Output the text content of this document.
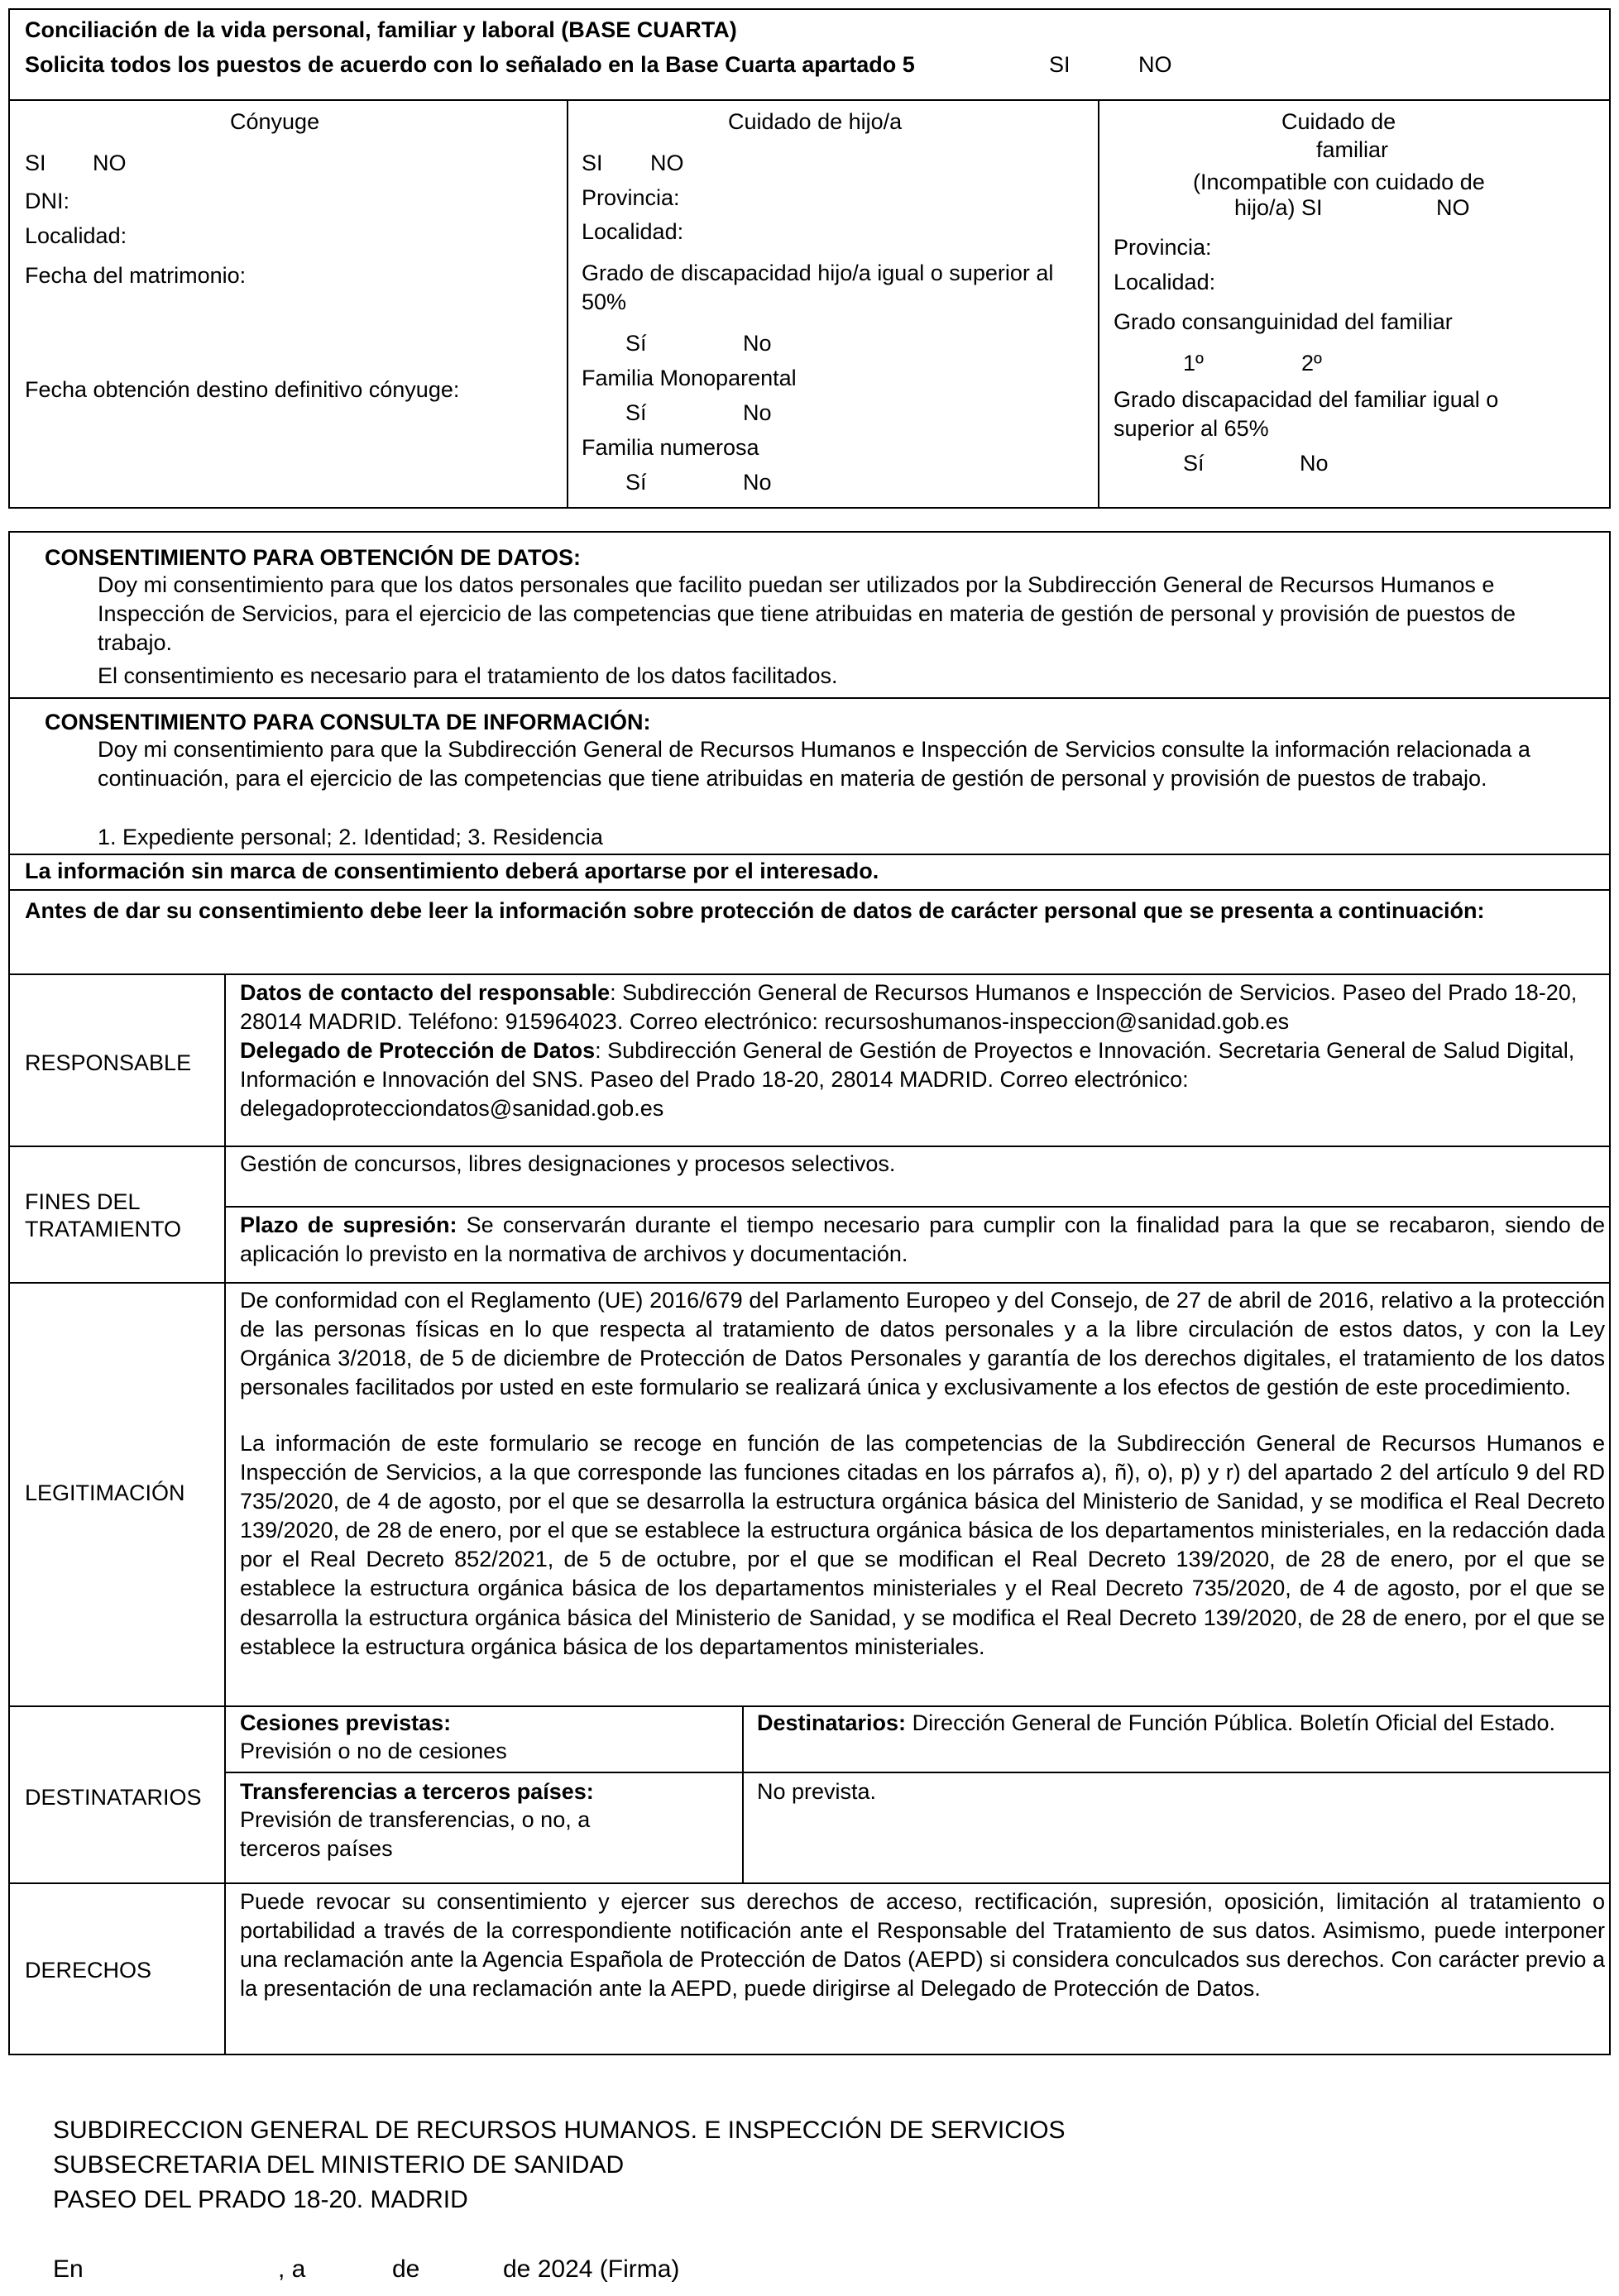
Conciliación de la vida personal, familiar y laboral (BASE CUARTA)
Solicita todos los puestos de acuerdo con lo señalado en la Base Cuarta apartado 5	SI	NO
Cónyuge
SI NO
DNI:
Localidad:
Fecha del matrimonio:
Fecha obtención destino definitivo cónyuge:
Cuidado de hijo/a
SI NO
Provincia:
Localidad:
Grado de discapacidad hijo/a igual o superior al 50%
Sí	No
Familia Monoparental
Sí	No
Familia numerosa
Sí	No
Cuidado de
familiar
(Incompatible con cuidado de
hijo/a) SI	NO
Provincia:
Localidad:
Grado consanguinidad del familiar
1º	2º
Grado discapacidad del familiar igual o superior al 65%
Sí	No
CONSENTIMIENTO PARA OBTENCIÓN DE DATOS:

Doy mi consentimiento para que los datos personales que facilito puedan ser utilizados por la Subdirección General de Recursos Humanos e Inspección de Servicios, para el ejercicio de las competencias que tiene atribuidas en materia de gestión de personal y provisión de puestos de trabajo.

El consentimiento es necesario para el tratamiento de los datos facilitados.
CONSENTIMIENTO PARA CONSULTA DE INFORMACIÓN:

Doy mi consentimiento para que la Subdirección General de Recursos Humanos e Inspección de Servicios consulte la información relacionada a continuación, para el ejercicio de las competencias que tiene atribuidas en materia de gestión de personal y provisión de puestos de trabajo.

1. Expediente personal; 2. Identidad; 3. Residencia
La información sin marca de consentimiento deberá aportarse por el interesado.

Antes de dar su consentimiento debe leer la información sobre protección de datos de carácter personal que se presenta a continuación:

RESPONSABLE

Datos de contacto del responsable: Subdirección General de Recursos Humanos e Inspección de Servicios. Paseo del Prado 18-20, 28014 MADRID. Teléfono: 915964023. Correo electrónico: recursoshumanos-inspeccion@sanidad.gob.es

Delegado de Protección de Datos: Subdirección General de Gestión de Proyectos e Innovación. Secretaria General de Salud Digital, Información e Innovación del SNS. Paseo del Prado 18-20, 28014 MADRID. Correo electrónico: delegadoprotecciondatos@sanidad.gob.es

FINES DEL
TRATAMIENTO
Gestión de concursos, libres designaciones y procesos selectivos.

Plazo de supresión: Se conservarán durante el tiempo necesario para cumplir con la finalidad para la que se recabaron, siendo de aplicación lo previsto en la normativa de archivos y documentación.

LEGITIMACIÓN

De conformidad con el Reglamento (UE) 2016/679 del Parlamento Europeo y del Consejo, de 27 de abril de 2016, relativo a la protección de las personas físicas en lo que respecta al tratamiento de datos personales y a la libre circulación de estos datos, y con la Ley Orgánica 3/2018, de 5 de diciembre de Protección de Datos Personales y garantía de los derechos digitales, el tratamiento de los datos personales facilitados por usted en este formulario se realizará única y exclusivamente a los efectos de gestión de este procedimiento.

La información de este formulario se recoge en función de las competencias de la Subdirección General de Recursos Humanos e Inspección de Servicios, a la que corresponde las funciones citadas en los párrafos a), ñ), o), p) y r) del apartado 2 del artículo 9 del RD 735/2020, de 4 de agosto, por el que se desarrolla la estructura orgánica básica del Ministerio de Sanidad, y se modifica el Real Decreto 139/2020, de 28 de enero, por el que se establece la estructura orgánica básica de los departamentos ministeriales, en la redacción dada por el Real Decreto 852/2021, de 5 de octubre, por el que se modifican el Real Decreto 139/2020, de 28 de enero, por el que se establece la estructura orgánica básica de los departamentos ministeriales y el Real Decreto 735/2020, de 4 de agosto, por el que se desarrolla la estructura orgánica básica del Ministerio de Sanidad, y se modifica el Real Decreto 139/2020, de 28 de enero, por el que se establece la estructura orgánica básica de los departamentos ministeriales.

DESTINATARIOS
Cesiones previstas:
Previsión o no de cesiones

Destinatarios: Dirección General de Función Pública. Boletín Oficial del Estado.

Transferencias a terceros países:

Previsión de transferencias, o no, a terceros países

No prevista.
DERECHOS

Puede revocar su consentimiento y ejercer sus derechos de acceso, rectificación, supresión, oposición, limitación al tratamiento o portabilidad a través de la correspondiente notificación ante el Responsable del Tratamiento de sus datos. Asimismo, puede interponer una reclamación ante la Agencia Española de Protección de Datos (AEPD) si considera conculcados sus derechos. Con carácter previo a la presentación de una reclamación ante la AEPD, puede dirigirse al Delegado de Protección de Datos.

SUBDIRECCION GENERAL DE RECURSOS HUMANOS. E INSPECCIÓN DE SERVICIOS
SUBSECRETARIA DEL MINISTERIO DE SANIDAD
PASEO DEL PRADO 18-20. MADRID
En	, a	de	de 2024 (Firma)
